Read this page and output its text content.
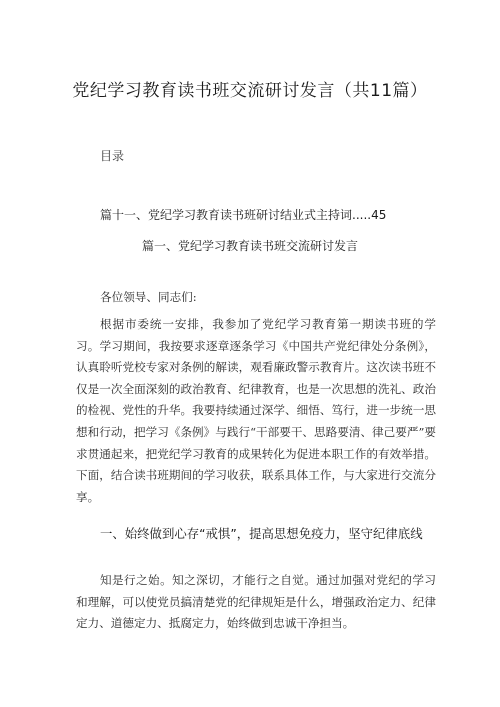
党纪学习教育读书班交流研讨发言（共11篇）
目录
篇十一、党纪学习教育读书班研讨结业式主持词.....45
篇一、党纪学习教育读书班交流研讨发言

各位领导、同志们:

根据市委统一安排，我参加了党纪学习教育第一期读书班的学习。学习期间，我按要求逐章逐条学习《中国共产党纪律处分条例》，认真聆听党校专家对条例的解读，观看廉政警示教育片。这次读书班不仅是一次全面深刻的政治教育、纪律教育，也是一次思想的洗礼、政治的检视、党性的升华。我要持续通过深学、细悟、笃行，进一步统一思想和行动，把学习《条例》与践行“干部要干、思路要清、律己要严”要求贯通起来，把党纪学习教育的成果转化为促进本职工作的有效举措。下面，结合读书班期间的学习收获，联系具体工作，与大家进行交流分享。

一、始终做到心存“戒惧”，提高思想免疫力，坚守纪律底线

知是行之始。知之深切，才能行之自觉。通过加强对党纪的学习和理解，可以使党员搞清楚党的纪律规矩是什么，增强政治定力、纪律定力、道德定力、抵腐定力，始终做到忠诚干净担当。
